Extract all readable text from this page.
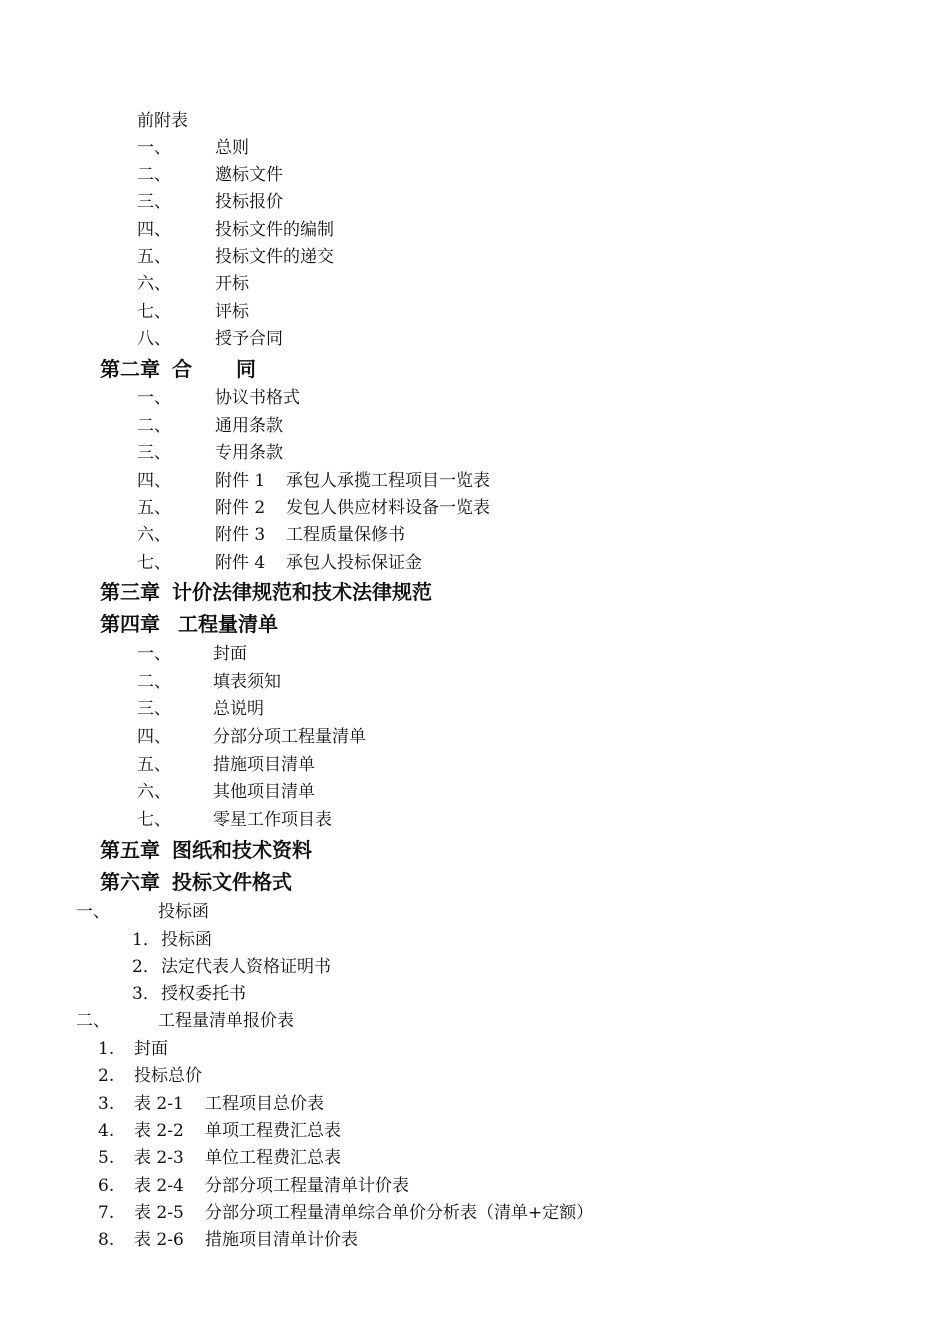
前附表
一、	总则
二、	邀标文件
三、	投标报价
四、	投标文件的编制
五、	投标文件的递交
六、	开标
七、	评标
八、	授予合同
第二章 合 同
一、	协议书格式
二、	通用条款
三、	专用条款
四、	附件 1 承包人承揽工程项目一览表
五、	附件 2 发包人供应材料设备一览表
六、	附件 3 工程质量保修书
七、	附件 4 承包人投标保证金
第三章 计价法律规范和技术法律规范
第四章 工程量清单
一、 封面
二、 填表须知
三、 总说明
四、 分部分项工程量清单
五、 措施项目清单
六、 其他项目清单
七、 零星工作项目表
第五章 图纸和技术资料
第六章 投标文件格式
一、	投标函
1． 投标函
2． 法定代表人资格证明书
3． 授权委托书
二、	工程量清单报价表
1. 封面
2. 投标总价
3. 表 2-1 工程项目总价表
4. 表 2-2 单项工程费汇总表
5. 表 2-3 单位工程费汇总表
6. 表 2-4 分部分项工程量清单计价表
7. 表 2-5 分部分项工程量清单综合单价分析表（清单+定额）
8. 表 2-6 措施项目清单计价表
